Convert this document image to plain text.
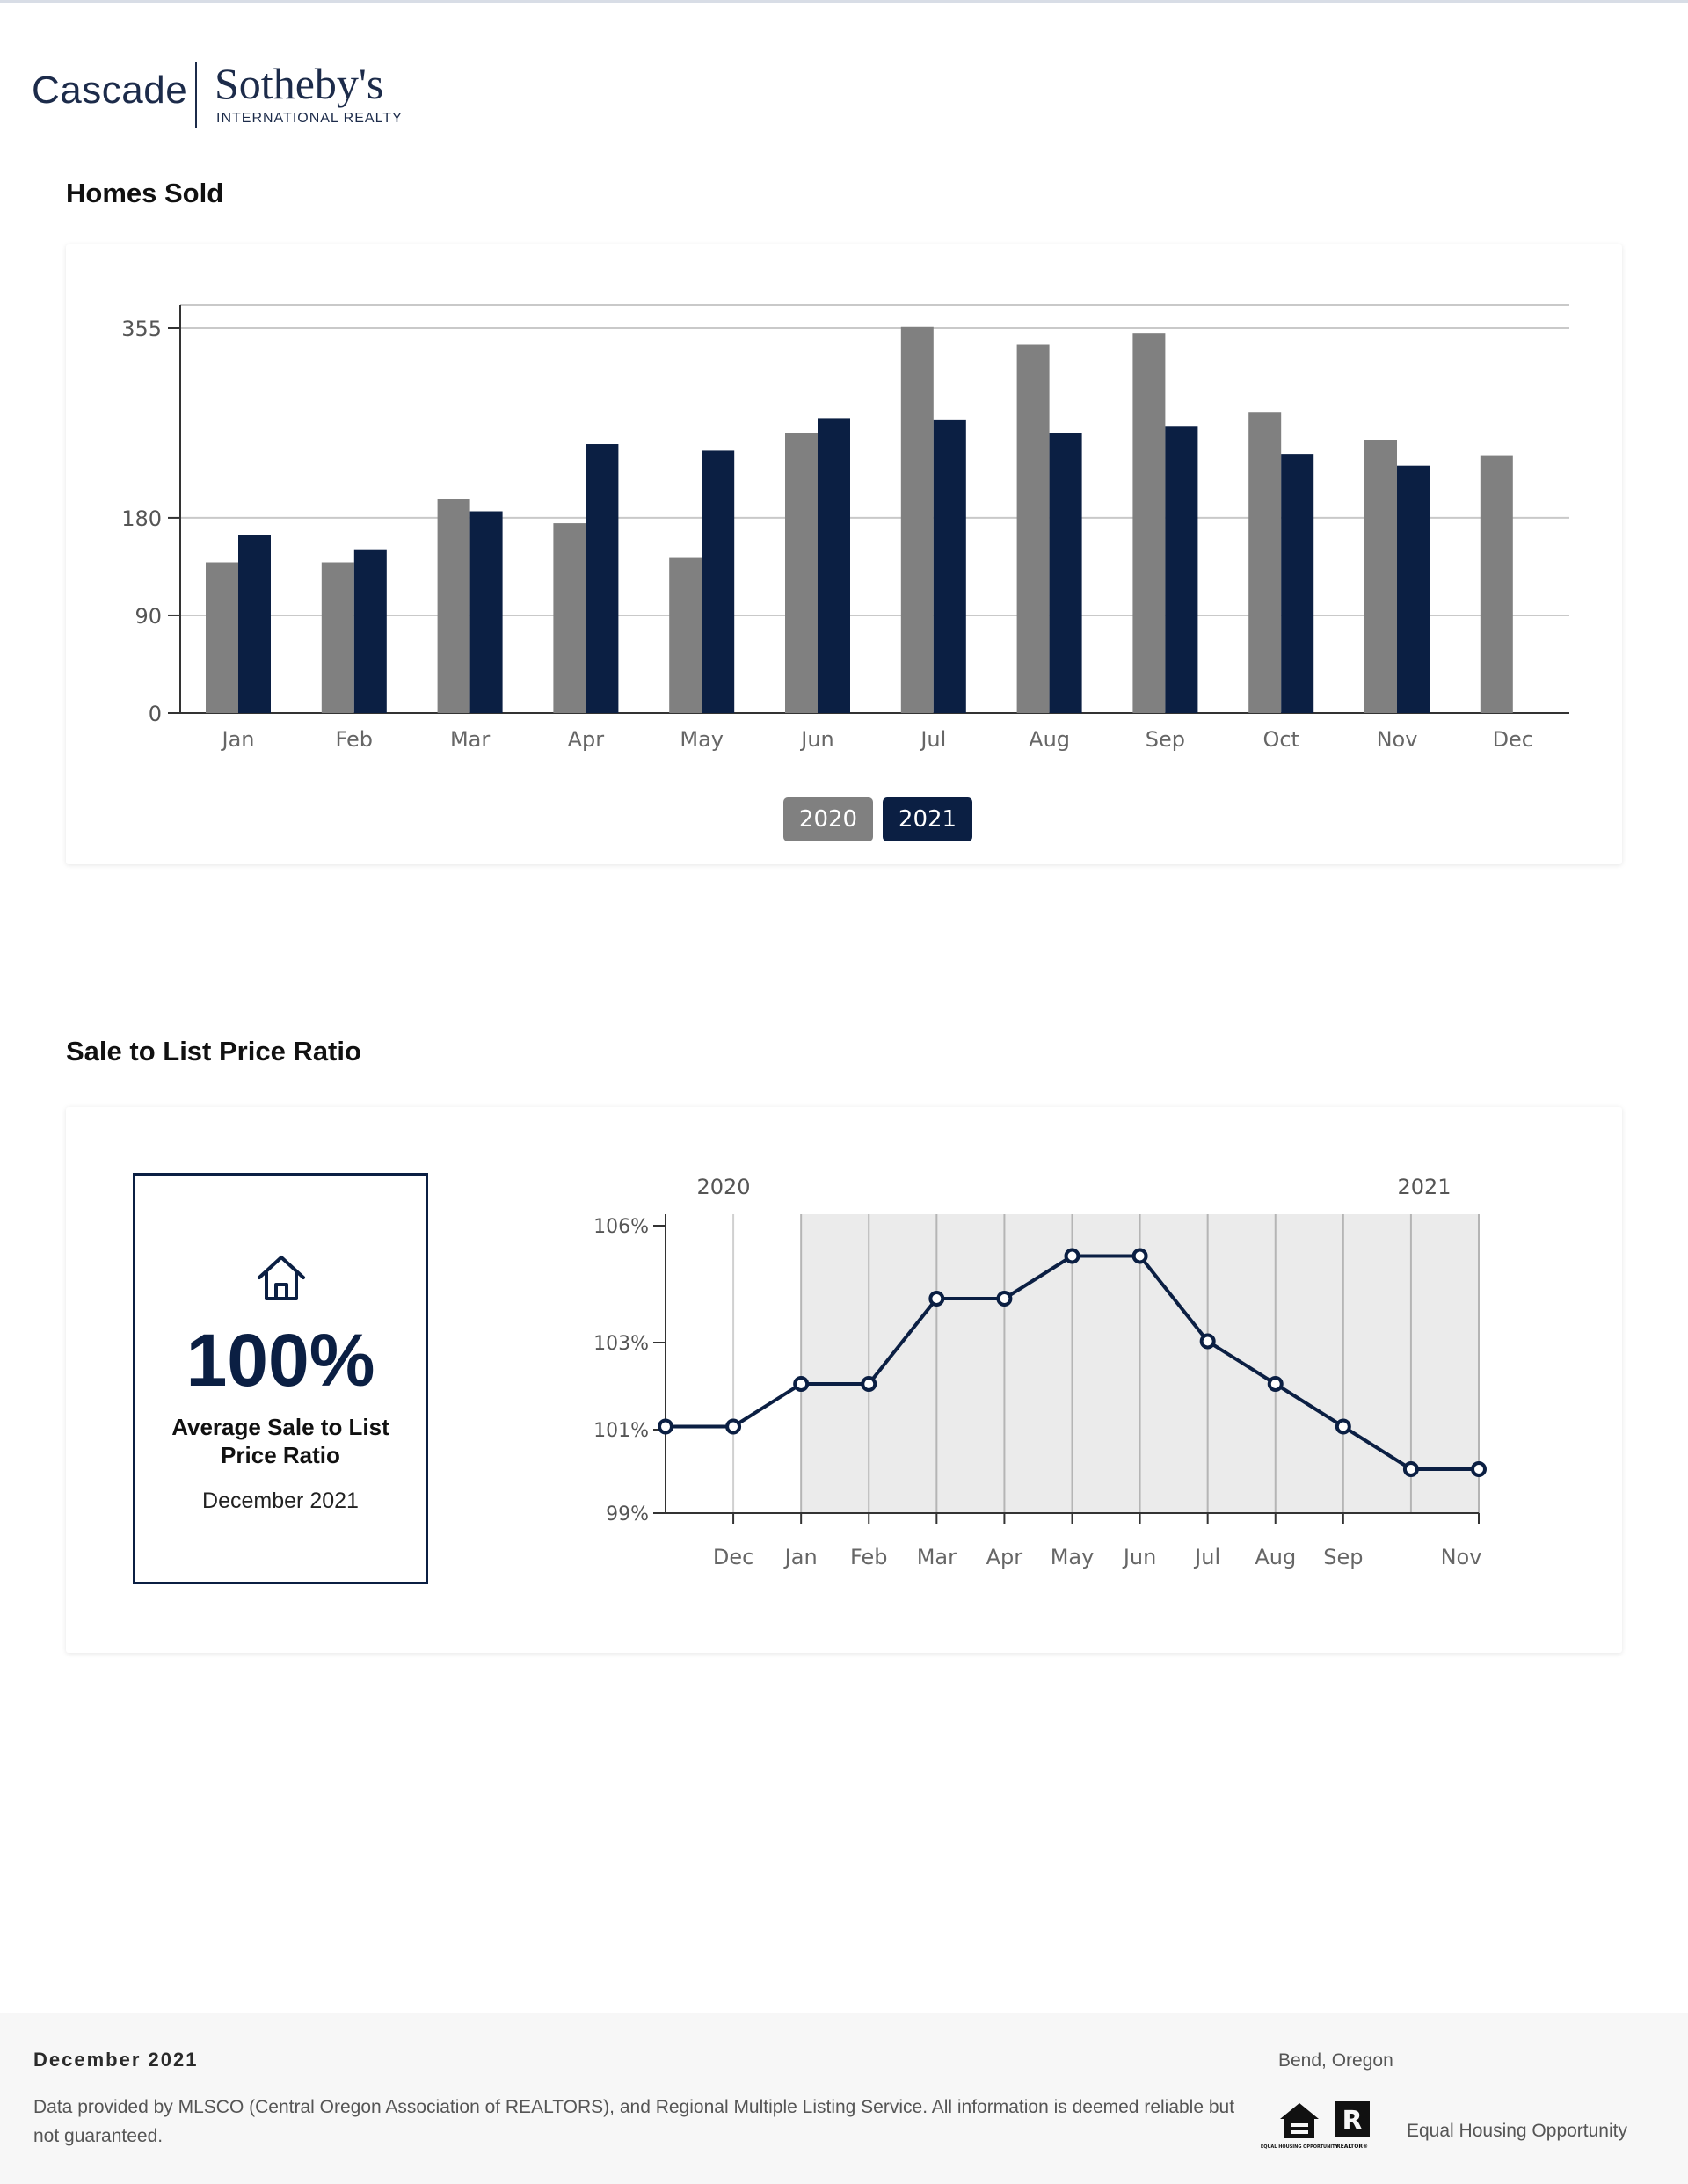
Cascade Sotheby's
INTERNATIONAL REALTY
Homes Sold
0
90
180
355
Jan	Feb	Mar	Apr	May	Jun	Jul	Aug	Sep	Oct	Nov	Dec
2020	2021
Sale to List Price Ratio
100%
Average Sale to List Price Ratio
December 2021
106%
103%
101%
99%
2020	2021
Dec Jan Feb Mar Apr May Jun Jul Aug Sep	Nov
December 2021
Data provided by MLSCO (Central Oregon Association of REALTORS), and Regional Multiple Listing Service. All information is deemed reliable but not guaranteed.
Bend, Oregon
EQUAL HOUSING OPPORTUNITY
R
REALTOR®
Equal Housing Opportunity
